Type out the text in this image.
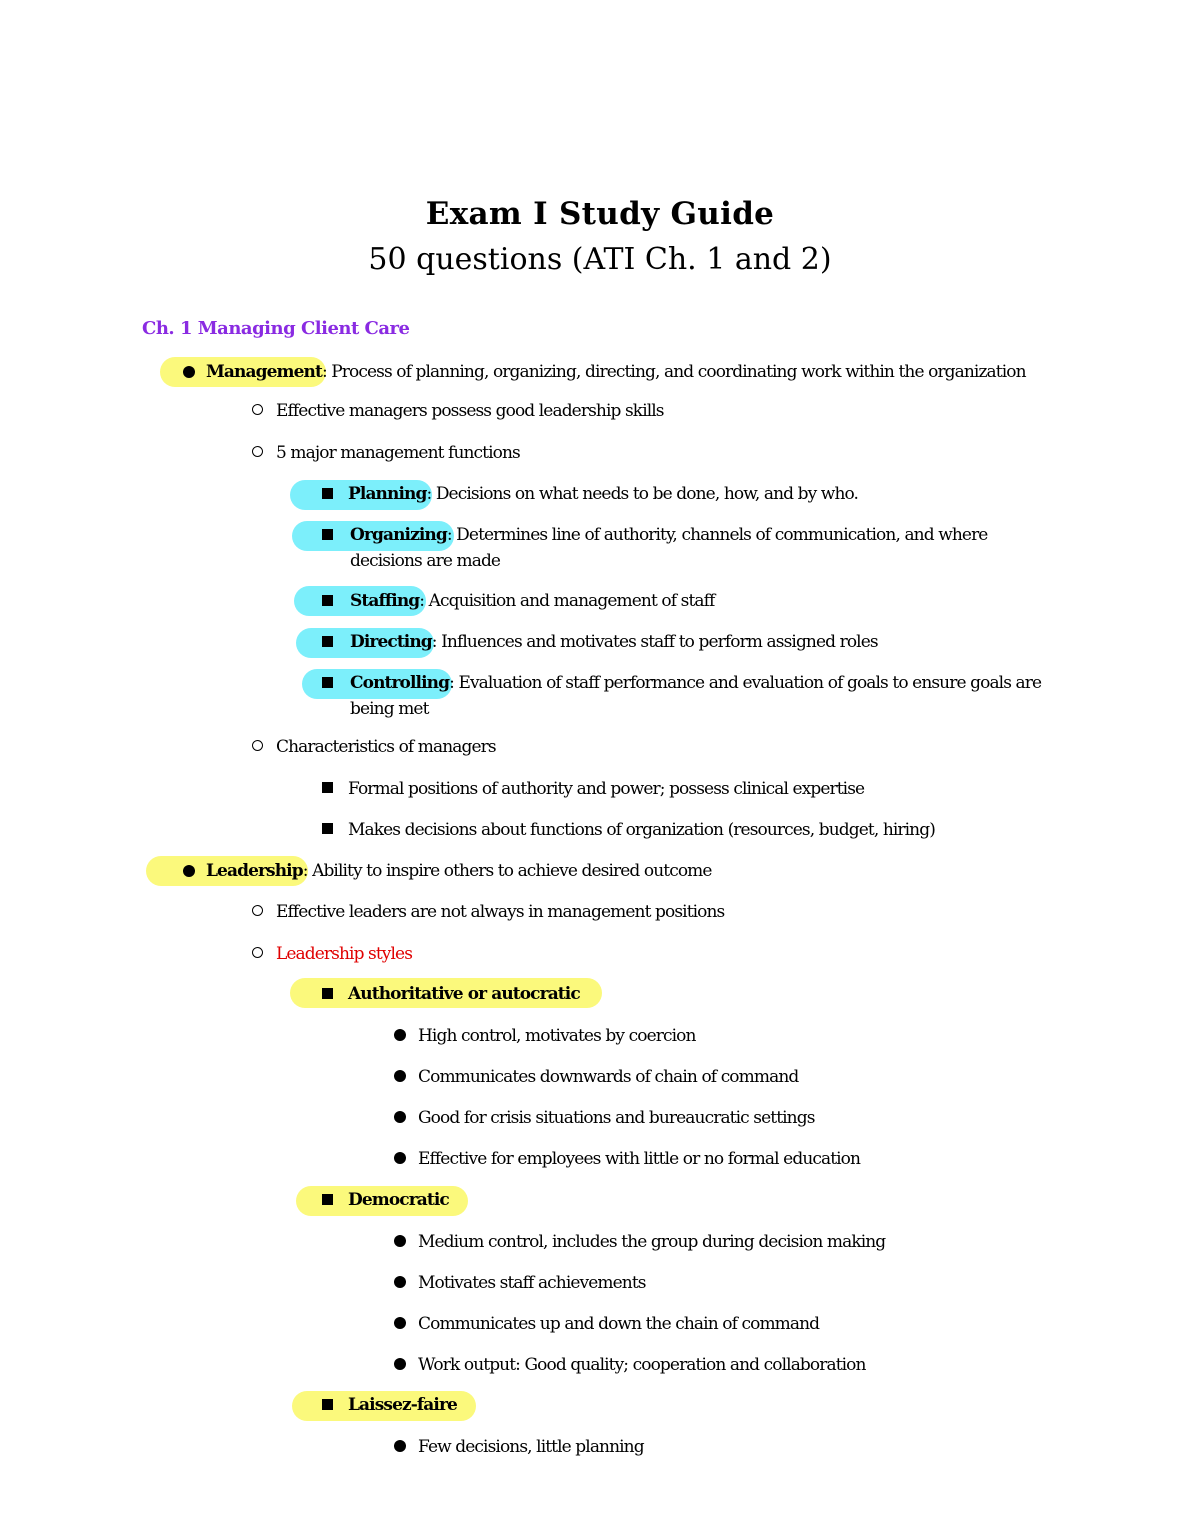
Exam I Study Guide
50 questions (ATI Ch. 1 and 2)
Ch. 1 Managing Client Care
Management: Process of planning, organizing, directing, and coordinating work within the organization
Effective managers possess good leadership skills
5 major management functions
Planning: Decisions on what needs to be done, how, and by who.
Organizing: Determines line of authority, channels of communication, and where decisions are made
Staffing: Acquisition and management of staff
Directing: Influences and motivates staff to perform assigned roles
Controlling: Evaluation of staff performance and evaluation of goals to ensure goals are being met
Characteristics of managers
Formal positions of authority and power; possess clinical expertise
Makes decisions about functions of organization (resources, budget, hiring)
Leadership: Ability to inspire others to achieve desired outcome
Effective leaders are not always in management positions
Leadership styles
Authoritative or autocratic
High control, motivates by coercion
Communicates downwards of chain of command
Good for crisis situations and bureaucratic settings
Effective for employees with little or no formal education
Democratic
Medium control, includes the group during decision making
Motivates staff achievements
Communicates up and down the chain of command
Work output: Good quality; cooperation and collaboration
Laissez-faire
Few decisions, little planning
